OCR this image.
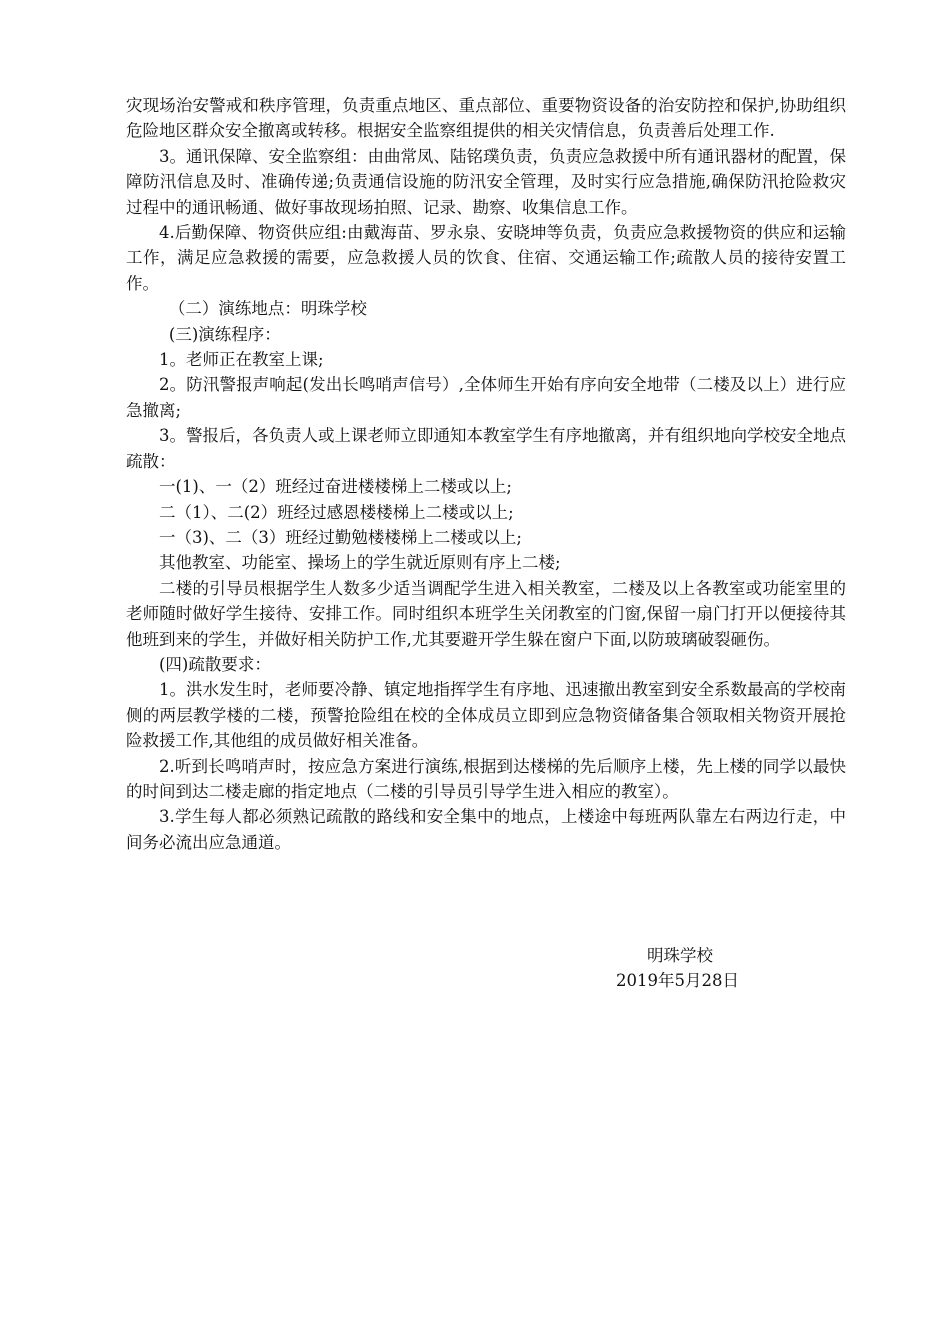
灾现场治安警戒和秩序管理，负责重点地区、重点部位、重要物资设备的治安防控和保护,协助组织危险地区群众安全撤离或转移。根据安全监察组提供的相关灾情信息，负责善后处理工作.

3。通讯保障、安全监察组：由曲常凤、陆铭璞负责，负责应急救援中所有通讯器材的配置，保障防汛信息及时、准确传递;负责通信设施的防汛安全管理，及时实行应急措施,确保防汛抢险救灾过程中的通讯畅通、做好事故现场拍照、记录、勘察、收集信息工作。

4.后勤保障、物资供应组:由戴海苗、罗永泉、安晓坤等负责，负责应急救援物资的供应和运输工作，满足应急救援的需要，应急救援人员的饮食、住宿、交通运输工作;疏散人员的接待安置工作。

（二）演练地点：明珠学校

(三)演练程序：

1。老师正在教室上课;

2。防汛警报声响起(发出长鸣哨声信号）,全体师生开始有序向安全地带（二楼及以上）进行应急撤离;

3。警报后，各负责人或上课老师立即通知本教室学生有序地撤离，并有组织地向学校安全地点疏散：

一(1)、一（2）班经过奋进楼楼梯上二楼或以上;

二（1）、二(2）班经过感恩楼楼梯上二楼或以上;

一（3)、二（3）班经过勤勉楼楼梯上二楼或以上;

其他教室、功能室、操场上的学生就近原则有序上二楼;

二楼的引导员根据学生人数多少适当调配学生进入相关教室，二楼及以上各教室或功能室里的老师随时做好学生接待、安排工作。同时组织本班学生关闭教室的门窗,保留一扇门打开以便接待其他班到来的学生，并做好相关防护工作,尤其要避开学生躲在窗户下面,以防玻璃破裂砸伤。

(四)疏散要求：

1。洪水发生时，老师要冷静、镇定地指挥学生有序地、迅速撤出教室到安全系数最高的学校南侧的两层教学楼的二楼，预警抢险组在校的全体成员立即到应急物资储备集合领取相关物资开展抢险救援工作,其他组的成员做好相关准备。

2.听到长鸣哨声时，按应急方案进行演练,根据到达楼梯的先后顺序上楼，先上楼的同学以最快的时间到达二楼走廊的指定地点（二楼的引导员引导学生进入相应的教室）。

3.学生每人都必须熟记疏散的路线和安全集中的地点，上楼途中每班两队靠左右两边行走，中间务必流出应急通道。

明珠学校
2019年5月28日
